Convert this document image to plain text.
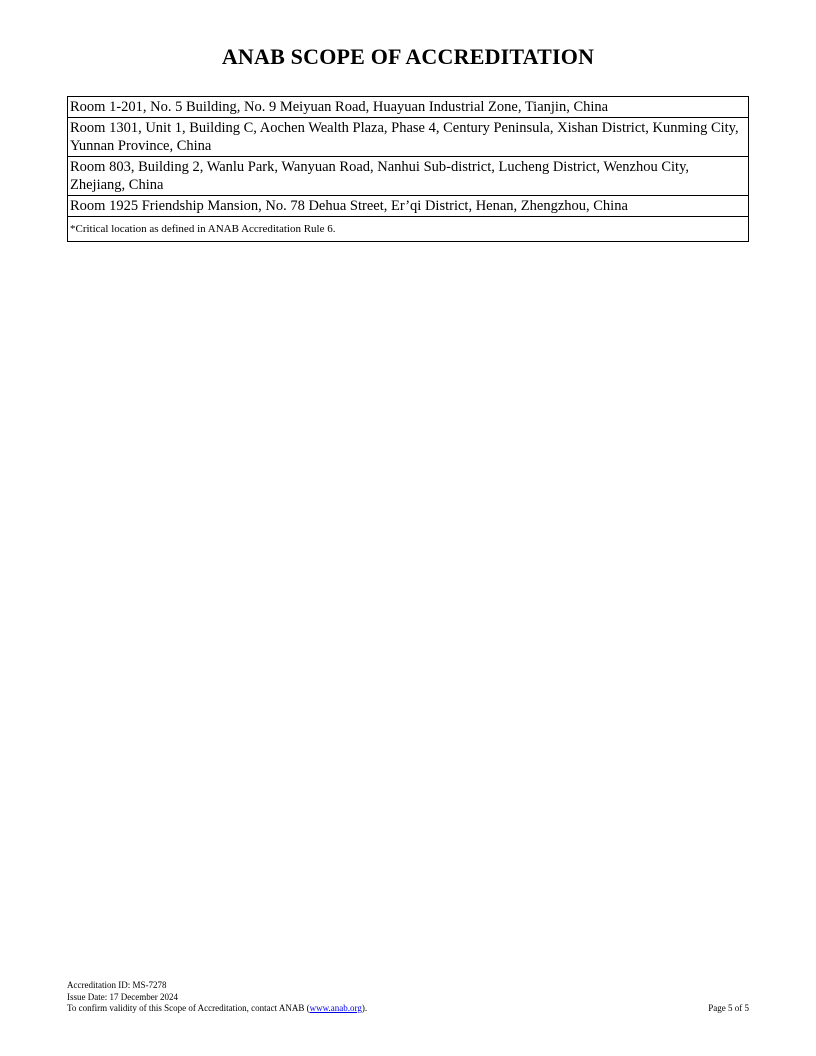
ANAB SCOPE OF ACCREDITATION
Room 1-201, No. 5 Building, No. 9 Meiyuan Road, Huayuan Industrial Zone, Tianjin, China
Room 1301, Unit 1, Building C, Aochen Wealth Plaza, Phase 4, Century Peninsula, Xishan District, Kunming City, Yunnan Province, China
Room 803, Building 2, Wanlu Park, Wanyuan Road, Nanhui Sub-district, Lucheng District, Wenzhou City, Zhejiang, China
Room 1925 Friendship Mansion, No. 78 Dehua Street, Er’qi District, Henan, Zhengzhou, China
*Critical location as defined in ANAB Accreditation Rule 6.
Accreditation ID: MS-7278
Issue Date: 17 December 2024
To confirm validity of this Scope of Accreditation, contact ANAB (www.anab.org).	Page 5 of 5
